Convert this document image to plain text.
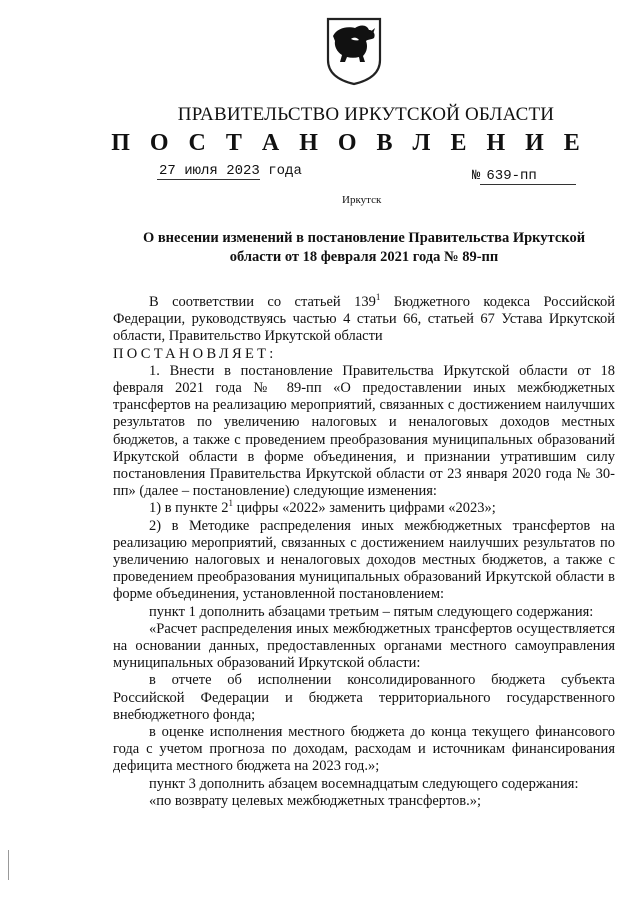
ПРАВИТЕЛЬСТВО ИРКУТСКОЙ ОБЛАСТИ
П О С Т А Н О В Л Е Н И Е
27 июля 2023 года	№ 639-пп
Иркутск
О внесении изменений в постановление Правительства Иркутской
области от 18 февраля 2021 года № 89-пп

В соответствии со статьей $139^1$ Бюджетного кодекса Российской Федерации, руководствуясь частью 4 статьи 66, статьей 67 Устава Иркутской области, Правительство Иркутской области

ПОСТАНОВЛЯЕТ:

1. Внести в постановление Правительства Иркутской области от 18 февраля 2021 года № 89-пп «О предоставлении иных межбюджетных трансфертов на реализацию мероприятий, связанных с достижением наилучших результатов по увеличению налоговых и неналоговых доходов местных бюджетов, а также с проведением преобразования муниципальных образований Иркутской области в форме объединения, и признании утратившим силу постановления Правительства Иркутской области от 23 января 2020 года № 30-пп» (далее – постановление) следующие изменения:

1) в пункте $2^1$ цифры «2022» заменить цифрами «2023»;

2) в Методике распределения иных межбюджетных трансфертов на реализацию мероприятий, связанных с достижением наилучших результатов по увеличению налоговых и неналоговых доходов местных бюджетов, а также с проведением преобразования муниципальных образований Иркутской области в форме объединения, установленной постановлением:

пункт 1 дополнить абзацами третьим – пятым следующего содержания:

«Расчет распределения иных межбюджетных трансфертов осуществляется на основании данных, предоставленных органами местного самоуправления муниципальных образований Иркутской области:

в отчете об исполнении консолидированного бюджета субъекта Российской Федерации и бюджета территориального государственного внебюджетного фонда;

в оценке исполнения местного бюджета до конца текущего финансового года с учетом прогноза по доходам, расходам и источникам финансирования дефицита местного бюджета на 2023 год.»;

пункт 3 дополнить абзацем восемнадцатым следующего содержания:

«по возврату целевых межбюджетных трансфертов.»;
